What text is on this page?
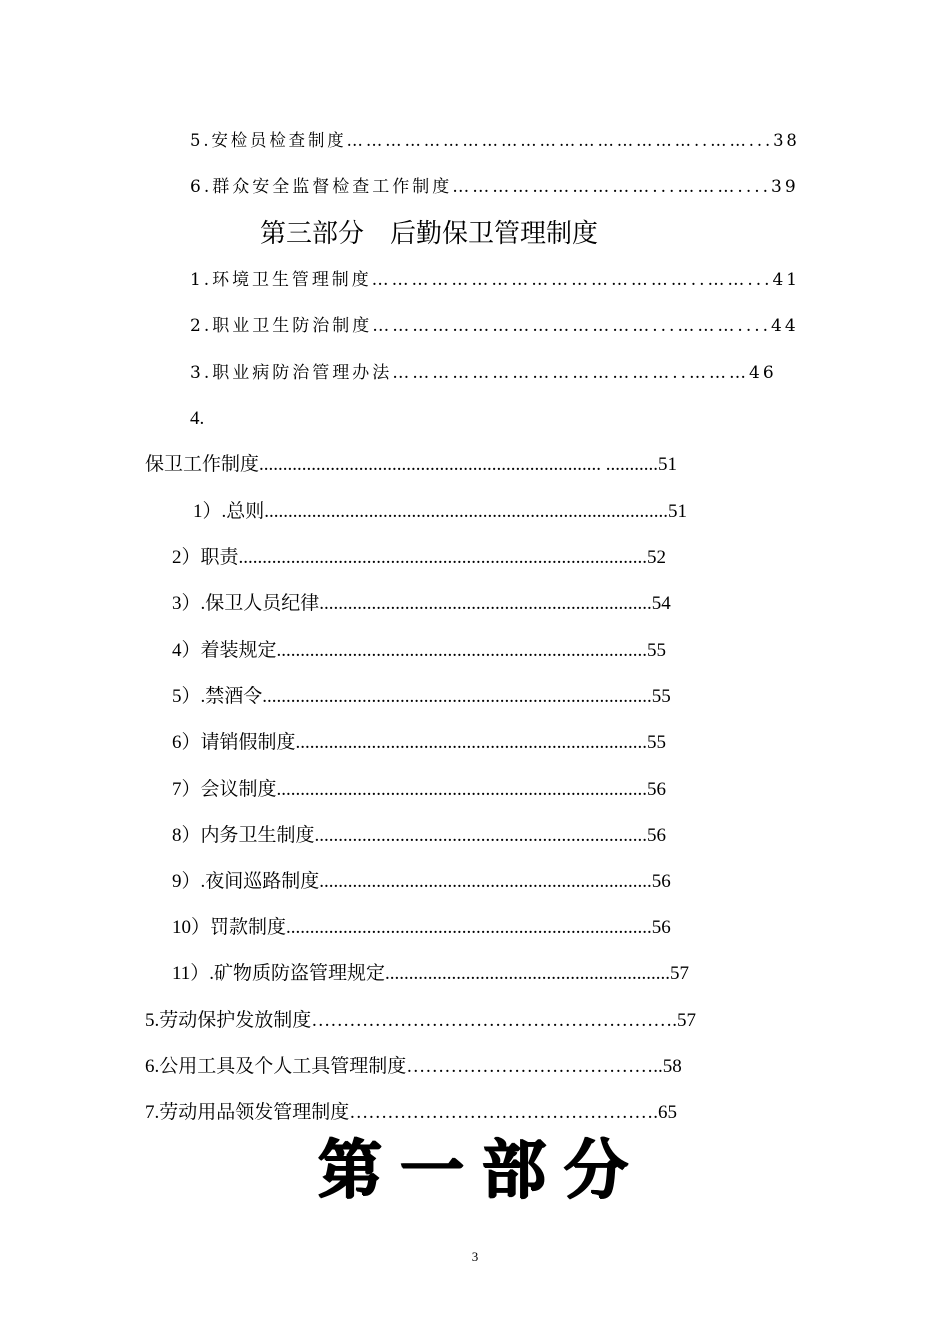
5.安检员检查制度………………………………………………..……...38
6.群众安全监督检查工作制度…………………………...………....39
第三部分　后勤保卫管理制度
1.环境卫生管理制度…………………………………………..……...41
2.职业卫生防治制度……………………………………...………....44
3.职业病防治管理办法……………………………………..………46
4.
保卫工作制度........................................................................ ...........51
1）.总则.....................................................................................51
2）职责......................................................................................52
3）.保卫人员纪律......................................................................54
4）着装规定..............................................................................55
5）.禁酒令..................................................................................55
6）请销假制度..........................................................................55
7）会议制度..............................................................................56
8）内务卫生制度......................................................................56
9）.夜间巡路制度......................................................................56
10）罚款制度.............................................................................56
11）.矿物质防盗管理规定............................................................57
5.劳动保护发放制度………………………………………………….57
6.公用工具及个人工具管理制度…………………………………..58
7.劳动用品领发管理制度………………………………………….65
第一部分
3
